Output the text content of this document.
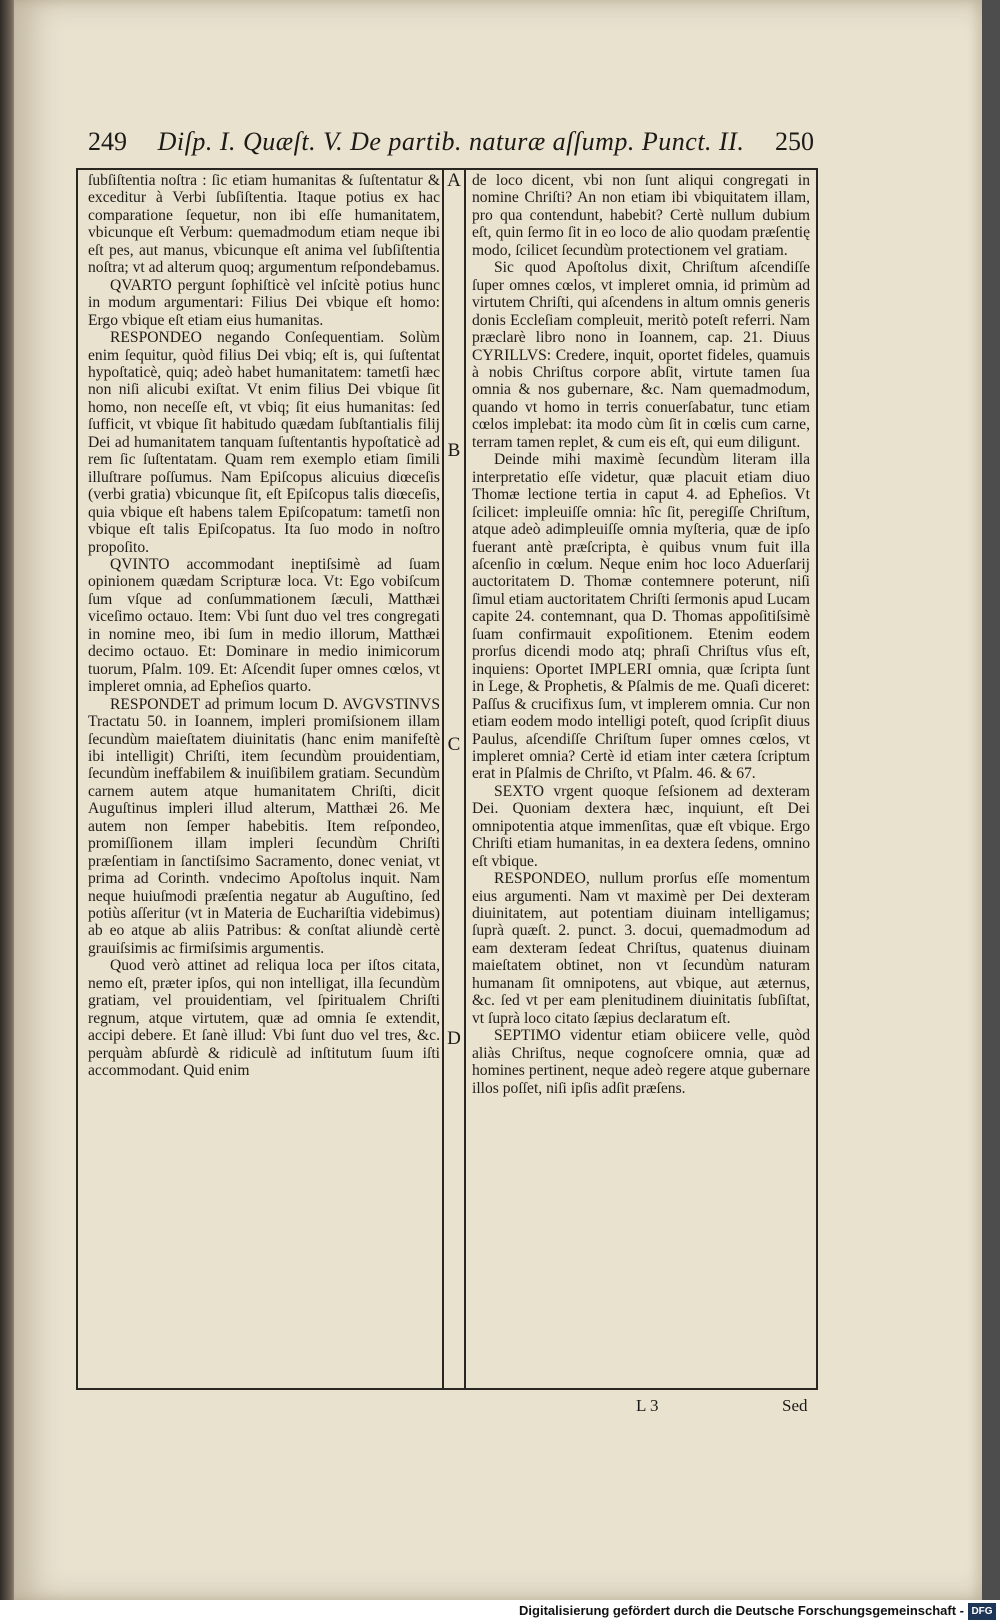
249 Diſp. I. Quæſt. V. De partib. naturæ aſſump. Punct. II. 250
A
B
C
D

ſubſiſtentia noſtra : ſic etiam humanitas & ſuſtentatur & exceditur à Verbi ſubſiſtentia. Itaque potius ex hac comparatione ſequetur, non ibi eſſe humanitatem, vbicunque eſt Verbum: quemadmodum etiam neque ibi eſt pes, aut manus, vbicunque eſt anima vel ſubſiſtentia noſtra; vt ad alterum quoq; argumentum reſpondebamus.

QVARTO pergunt ſophiſticè vel inſcitè potius hunc in modum argumentari: Filius Dei vbique eſt homo: Ergo vbique eſt etiam eius humanitas.

RESPONDEO negando Conſequentiam. Solùm enim ſequitur, quòd filius Dei vbiq; eſt is, qui ſuſtentat hypoſtaticè, quiq; adeò habet humanitatem: tametſi hæc non niſi alicubi exiſtat. Vt enim filius Dei vbique ſit homo, non neceſſe eſt, vt vbiq; ſit eius humanitas: ſed ſufficit, vt vbique ſit habitudo quædam ſubſtantialis filij Dei ad humanitatem tanquam ſuſtentantis hypoſtaticè ad rem ſic ſuſtentatam. Quam rem exemplo etiam ſimili illuſtrare poſſumus. Nam Epiſcopus alicuius diœceſis (verbi gratia) vbicunque ſit, eſt Epiſcopus talis diœceſis, quia vbique eſt habens talem Epiſcopatum: tametſi non vbique eſt talis Epiſcopatus. Ita ſuo modo in noſtro propoſito.

QVINTO accommodant ineptiſsimè ad ſuam opinionem quædam Scripturæ loca. Vt: Ego vobiſcum ſum vſque ad conſummationem ſæculi, Matthæi viceſimo octauo. Item: Vbi ſunt duo vel tres congregati in nomine meo, ibi ſum in medio illorum, Matthæi decimo octauo. Et: Dominare in medio inimicorum tuorum, Pſalm. 109. Et: Aſcendit ſuper omnes cœlos, vt impleret omnia, ad Epheſios quarto.

RESPONDET ad primum locum D. AVGVSTINVS Tractatu 50. in Ioannem, impleri promiſsionem illam ſecundùm maieſtatem diuinitatis (hanc enim manifeſtè ibi intelligit) Chriſti, item ſecundùm prouidentiam, ſecundùm ineffabilem & inuiſibilem gratiam. Secundùm carnem autem atque humanitatem Chriſti, dicit Auguſtinus impleri illud alterum, Matthæi 26. Me autem non ſemper habebitis. Item reſpondeo, promiſſionem illam impleri ſecundùm Chriſti præſentiam in ſanctiſsimo Sacramento, donec veniat, vt prima ad Corinth. vndecimo Apoſtolus inquit. Nam neque huiuſmodi præſentia negatur ab Auguſtino, ſed potiùs aſſeritur (vt in Materia de Euchariſtia videbimus) ab eo atque ab aliis Patribus: & conſtat aliundè certè grauiſsimis ac firmiſsimis argumentis.

Quod verò attinet ad reliqua loca per iſtos citata, nemo eſt, præter ipſos, qui non intelligat, illa ſecundùm gratiam, vel prouidentiam, vel ſpiritualem Chriſti regnum, atque virtutem, quæ ad omnia ſe extendit, accipi debere. Et ſanè illud: Vbi ſunt duo vel tres, &c. perquàm abſurdè & ridiculè ad inſtitutum ſuum iſti accommodant. Quid enim

de loco dicent, vbi non ſunt aliqui congregati in nomine Chriſti? An non etiam ibi vbiquitatem illam, pro qua contendunt, habebit? Certè nullum dubium eſt, quin ſermo ſit in eo loco de alio quodam præſentię modo, ſcilicet ſecundùm protectionem vel gratiam.

Sic quod Apoſtolus dixit, Chriſtum aſcendiſſe ſuper omnes cœlos, vt impleret omnia, id primùm ad virtutem Chriſti, qui aſcendens in altum omnis generis donis Eccleſiam compleuit, meritò poteſt referri. Nam præclarè libro nono in Ioannem, cap. 21. Diuus CYRILLVS: Credere, inquit, oportet fideles, quamuis à nobis Chriſtus corpore abſit, virtute tamen ſua omnia & nos gubernare, &c. Nam quemadmodum, quando vt homo in terris conuerſabatur, tunc etiam cœlos implebat: ita modo cùm ſit in cœlis cum carne, terram tamen replet, & cum eis eſt, qui eum diligunt.

Deinde mihi maximè ſecundùm literam illa interpretatio eſſe videtur, quæ placuit etiam diuo Thomæ lectione tertia in caput 4. ad Epheſios. Vt ſcilicet: impleuiſſe omnia: hîc ſit, peregiſſe Chriſtum, atque adeò adimpleuiſſe omnia myſteria, quæ de ipſo fuerant antè præſcripta, è quibus vnum fuit illa aſcenſio in cœlum. Neque enim hoc loco Aduerſarij auctoritatem D. Thomæ contemnere poterunt, niſi ſimul etiam auctoritatem Chriſti ſermonis apud Lucam capite 24. contemnant, qua D. Thomas appoſitiſsimè ſuam confirmauit expoſitionem. Etenim eodem prorſus dicendi modo atq; phraſi Chriſtus vſus eſt, inquiens: Oportet IMPLERI omnia, quæ ſcripta ſunt in Lege, & Prophetis, & Pſalmis de me. Quaſi diceret: Paſſus & crucifixus ſum, vt implerem omnia. Cur non etiam eodem modo intelligi poteſt, quod ſcripſit diuus Paulus, aſcendiſſe Chriſtum ſuper omnes cœlos, vt impleret omnia? Certè id etiam inter cætera ſcriptum erat in Pſalmis de Chriſto, vt Pſalm. 46. & 67.

SEXTO vrgent quoque ſeſsionem ad dexteram Dei. Quoniam dextera hæc, inquiunt, eſt Dei omnipotentia atque immenſitas, quæ eſt vbique. Ergo Chriſti etiam humanitas, in ea dextera ſedens, omnino eſt vbique.

RESPONDEO, nullum prorſus eſſe momentum eius argumenti. Nam vt maximè per Dei dexteram diuinitatem, aut potentiam diuinam intelligamus; ſuprà quæſt. 2. punct. 3. docui, quemadmodum ad eam dexteram ſedeat Chriſtus, quatenus diuinam maieſtatem obtinet, non vt ſecundùm naturam humanam ſit omnipotens, aut vbique, aut æternus, &c. ſed vt per eam plenitudinem diuinitatis ſubſiſtat, vt ſuprà loco citato ſæpius declaratum eſt.

SEPTIMO videntur etiam obiicere velle, quòd aliàs Chriſtus, neque cognoſcere omnia, quæ ad homines pertinent, neque adeò regere atque gubernare illos poſſet, niſi ipſis adſit præſens.

L 3	Sed
Digitalisierung gefördert durch die Deutsche Forschungsgemeinschaft - DFG
